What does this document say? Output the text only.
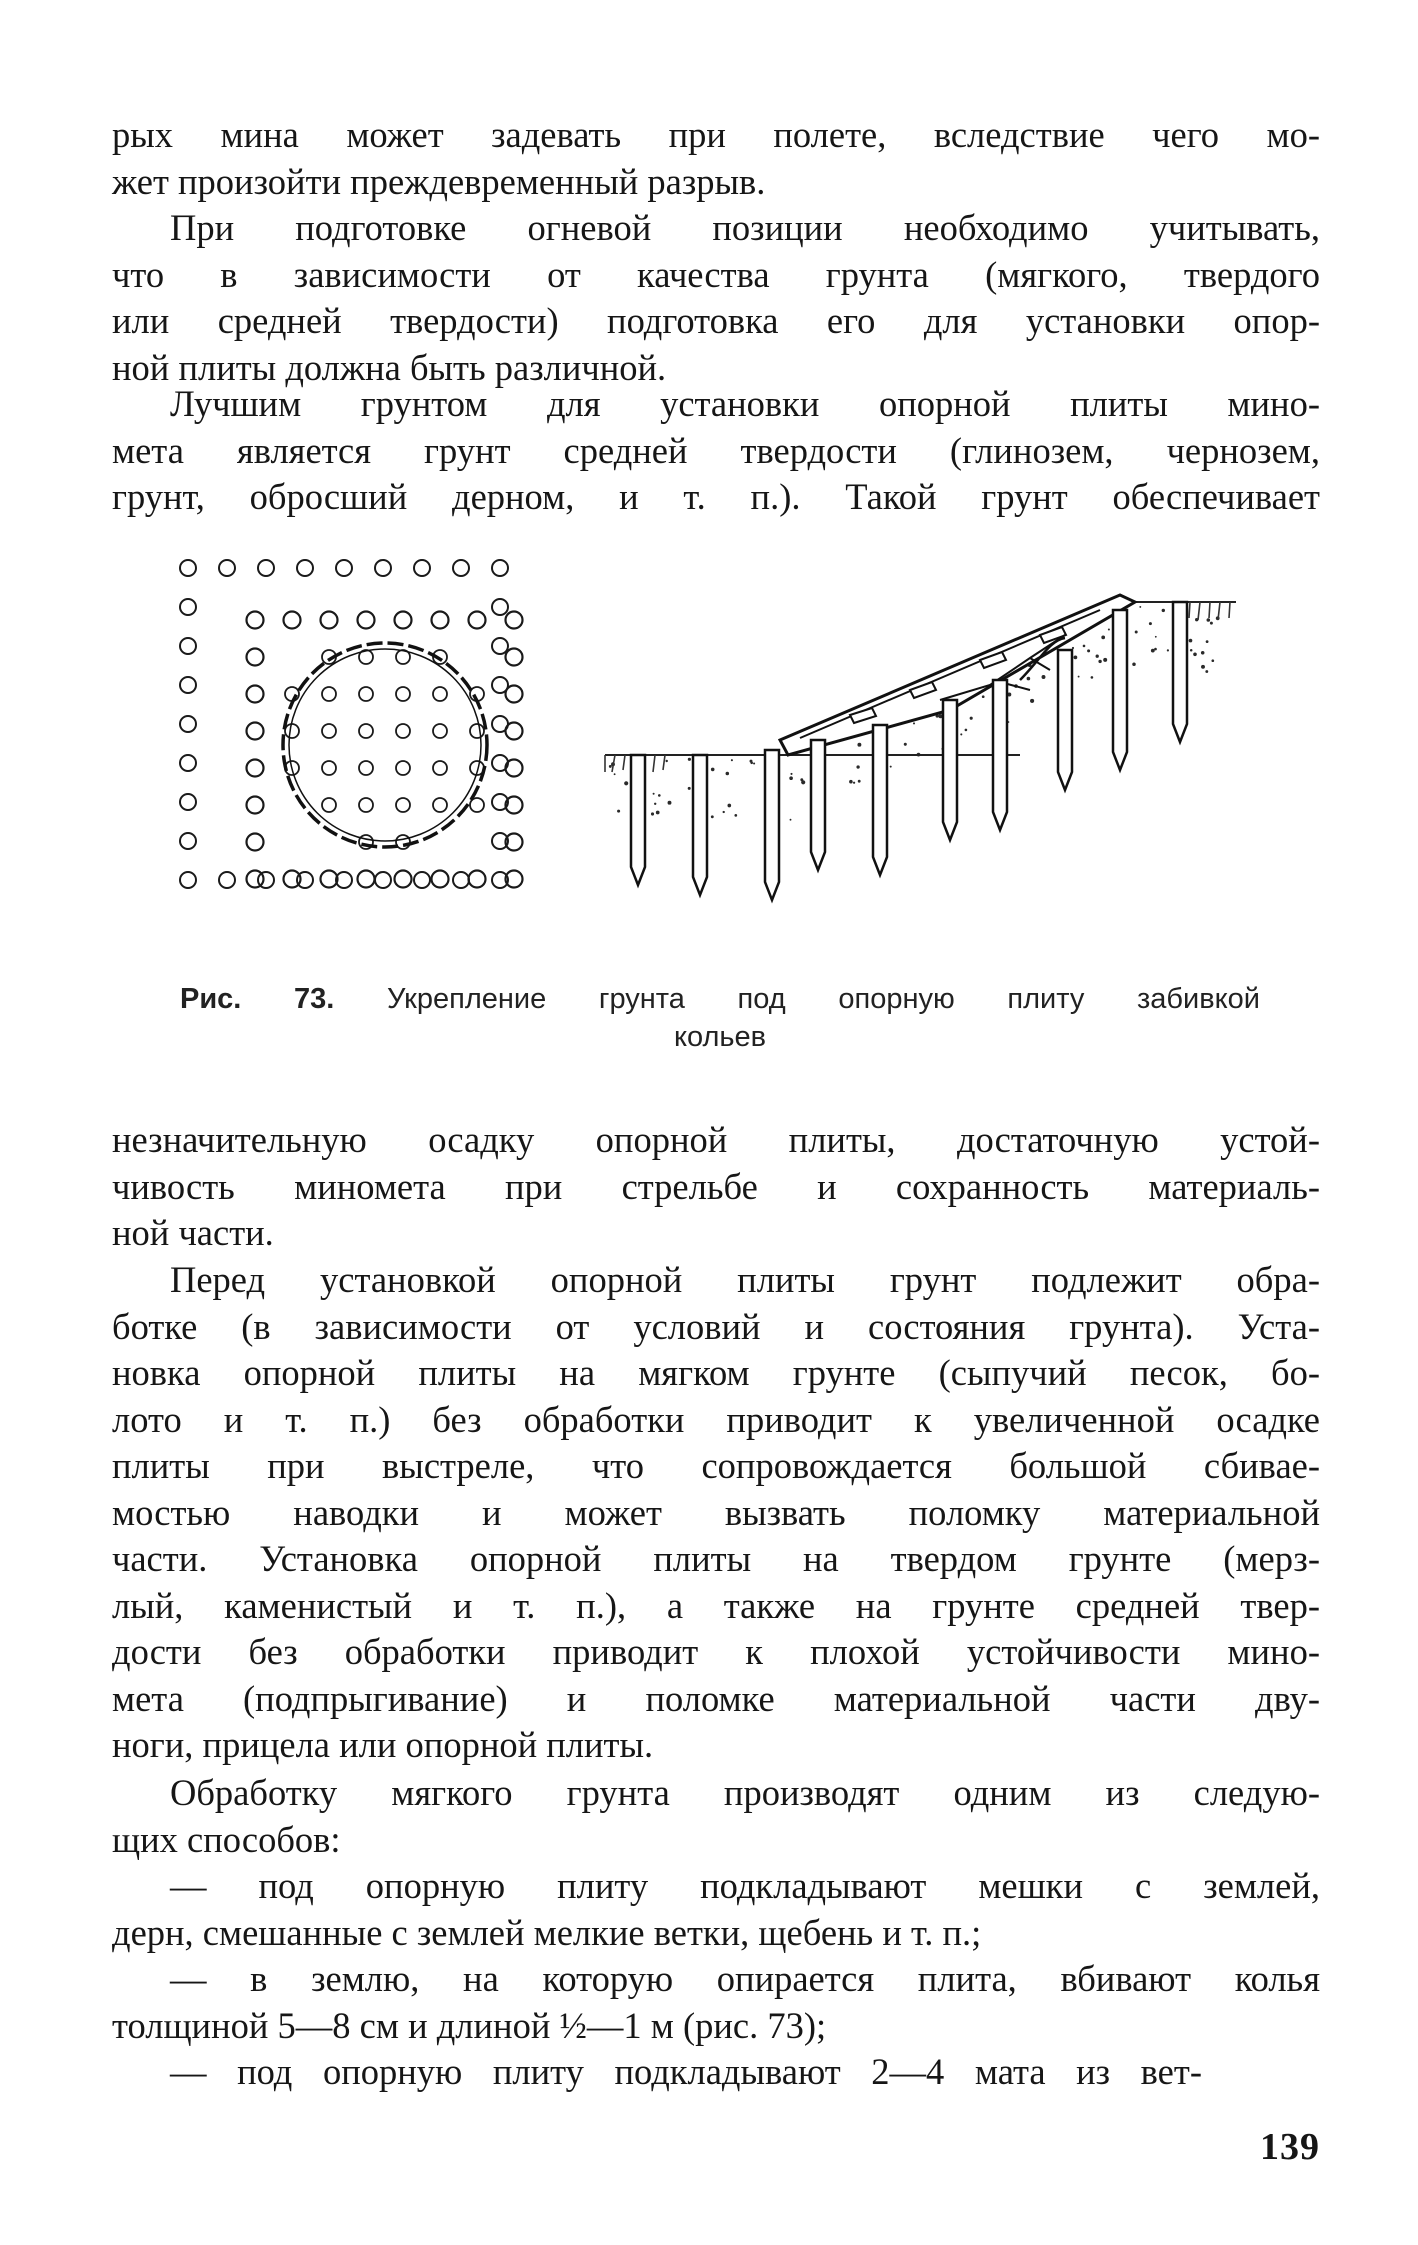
рых мина может задевать при полете, вследствие чего мо-
жет произойти преждевременный разрыв.

При подготовке огневой позиции необходимо учитывать,
что в зависимости от качества грунта (мягкого, твердого
или средней твердости) подготовка его для установки опор-
ной плиты должна быть различной.

Лучшим грунтом для установки опорной плиты мино-
мета является грунт средней твердости (глинозем, чернозем,
грунт, обросший дерном, и т. п.). Такой грунт обеспечивает

Рис. 73. Укрепление грунта под опорную плиту забивкой
кольев

незначительную осадку опорной плиты, достаточную устой-
чивость миномета при стрельбе и сохранность материаль-
ной части.

Перед установкой опорной плиты грунт подлежит обра-
ботке (в зависимости от условий и состояния грунта). Уста-
новка опорной плиты на мягком грунте (сыпучий песок, бо-
лото и т. п.) без обработки приводит к увеличенной осадке
плиты при выстреле, что сопровождается большой сбивае-
мостью наводки и может вызвать поломку материальной
части. Установка опорной плиты на твердом грунте (мерз-
лый, каменистый и т. п.), а также на грунте средней твер-
дости без обработки приводит к плохой устойчивости мино-
мета (подпрыгивание) и поломке материальной части дву-
ноги, прицела или опорной плиты.

Обработку мягкого грунта производят одним из следую-
щих способов:

— под опорную плиту подкладывают мешки с землей,
дерн, смешанные с землей мелкие ветки, щебень и т. п.;

— в землю, на которую опирается плита, вбивают колья
толщиной 5—8 см и длиной ½—1 м (рис. 73);

— под опорную плиту подкладывают 2—4 мата из вет-

139
